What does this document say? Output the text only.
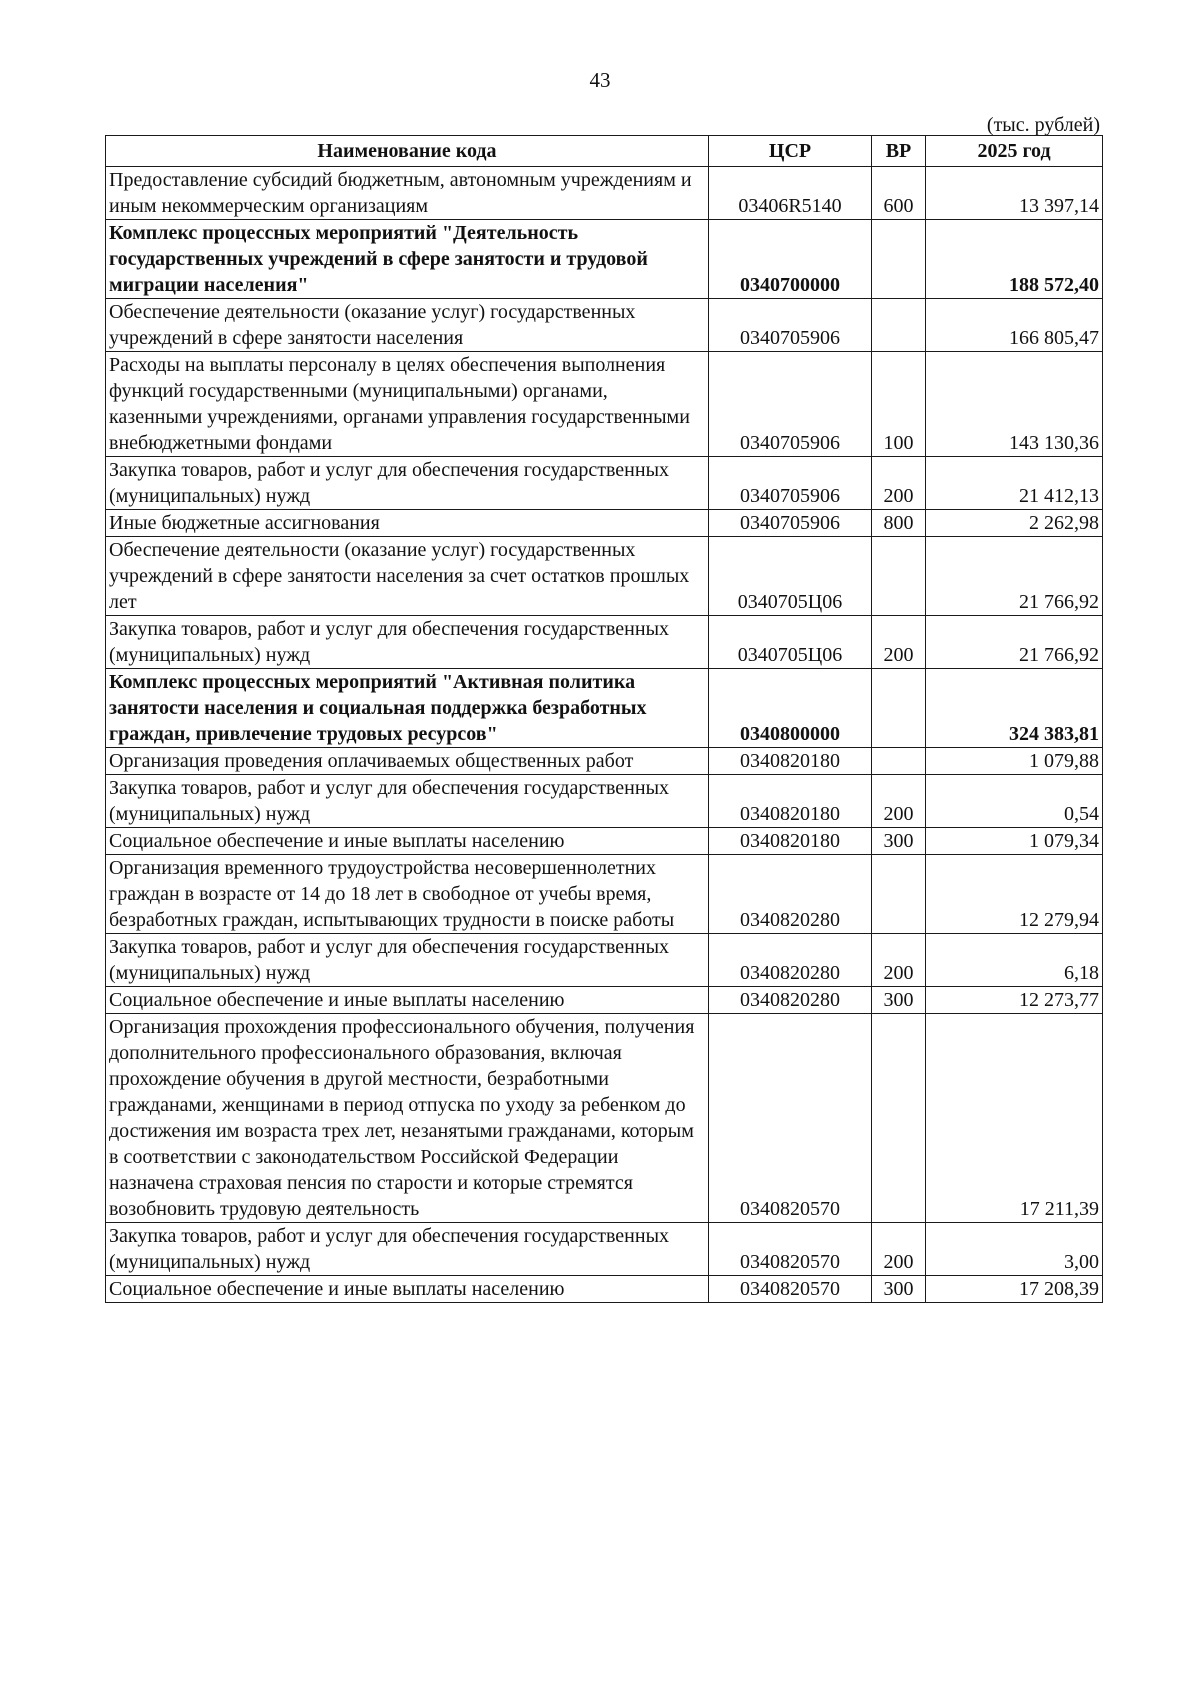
43
(тыс. рублей)
Наименование кода	ЦСР	ВР	2025 год
Предоставление субсидий бюджетным, автономным учреждениям и иным некоммерческим организациям	03406R5140	600	13 397,14
Комплекс процессных мероприятий "Деятельность государственных учреждений в сфере занятости и трудовой миграции населения"	0340700000		188 572,40
Обеспечение деятельности (оказание услуг) государственных учреждений в сфере занятости населения	0340705906		166 805,47
Расходы на выплаты персоналу в целях обеспечения выполнения функций государственными (муниципальными) органами, казенными учреждениями, органами управления государственными внебюджетными фондами	0340705906	100	143 130,36
Закупка товаров, работ и услуг для обеспечения государственных (муниципальных) нужд	0340705906	200	21 412,13
Иные бюджетные ассигнования	0340705906	800	2 262,98
Обеспечение деятельности (оказание услуг) государственных учреждений в сфере занятости населения за счет остатков прошлых лет	0340705Ц06		21 766,92
Закупка товаров, работ и услуг для обеспечения государственных (муниципальных) нужд	0340705Ц06	200	21 766,92
Комплекс процессных мероприятий "Активная политика занятости населения и социальная поддержка безработных граждан, привлечение трудовых ресурсов"	0340800000		324 383,81
Организация проведения оплачиваемых общественных работ	0340820180		1 079,88
Закупка товаров, работ и услуг для обеспечения государственных (муниципальных) нужд	0340820180	200	0,54
Социальное обеспечение и иные выплаты населению	0340820180	300	1 079,34
Организация временного трудоустройства несовершеннолетних граждан в возрасте от 14 до 18 лет в свободное от учебы время, безработных граждан, испытывающих трудности в поиске работы	0340820280		12 279,94
Закупка товаров, работ и услуг для обеспечения государственных (муниципальных) нужд	0340820280	200	6,18
Социальное обеспечение и иные выплаты населению	0340820280	300	12 273,77
Организация прохождения профессионального обучения, получения дополнительного профессионального образования, включая прохождение обучения в другой местности, безработными гражданами, женщинами в период отпуска по уходу за ребенком до достижения им возраста трех лет, незанятыми гражданами, которым в соответствии с законодательством Российской Федерации назначена страховая пенсия по старости и которые стремятся возобновить трудовую деятельность	0340820570		17 211,39
Закупка товаров, работ и услуг для обеспечения государственных (муниципальных) нужд	0340820570	200	3,00
Социальное обеспечение и иные выплаты населению	0340820570	300	17 208,39
